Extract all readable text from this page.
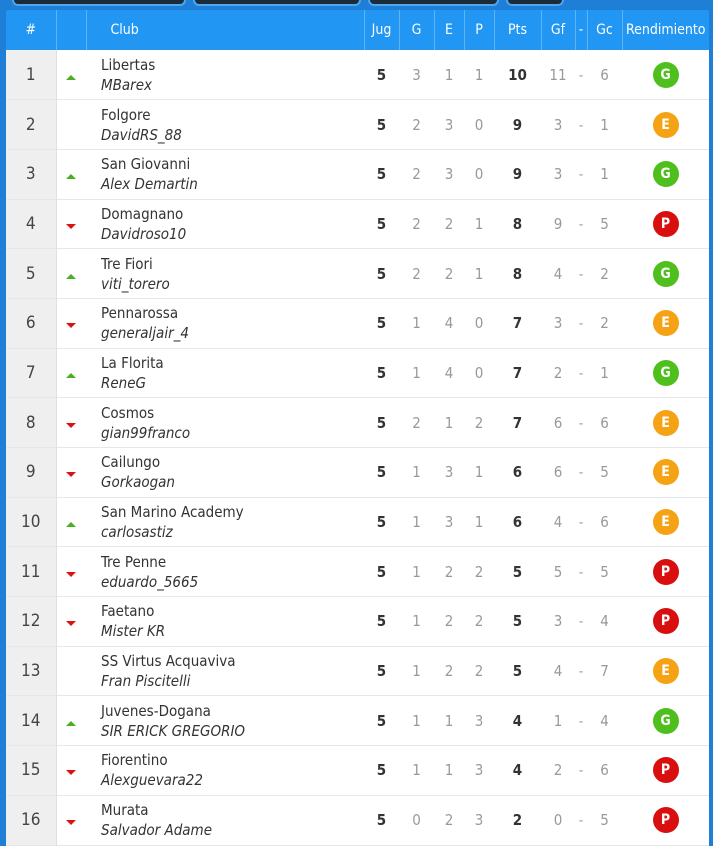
#		Club	Jug	G	E	P	Pts	Gf	-	Gc	Rendimiento
1		Libertas
MBarex	5	3	1	1	10	11	-	6	G
2		Folgore
DavidRS_88	5	2	3	0	9	3	-	1	E
3		San Giovanni
Alex Demartin	5	2	3	0	9	3	-	1	G
4		Domagnano
Davidroso10	5	2	2	1	8	9	-	5	P
5		Tre Fiori
viti_torero	5	2	2	1	8	4	-	2	G
6		Pennarossa
generaljair_4	5	1	4	0	7	3	-	2	E
7		La Florita
ReneG	5	1	4	0	7	2	-	1	G
8		Cosmos
gian99franco	5	2	1	2	7	6	-	6	E
9		Cailungo
Gorkaogan	5	1	3	1	6	6	-	5	E
10		San Marino Academy
carlosastiz	5	1	3	1	6	4	-	6	E
11		Tre Penne
eduardo_5665	5	1	2	2	5	5	-	5	P
12		Faetano
Mister KR	5	1	2	2	5	3	-	4	P
13		SS Virtus Acquaviva
Fran Piscitelli	5	1	2	2	5	4	-	7	E
14		Juvenes-Dogana
SIR ERICK GREGORIO	5	1	1	3	4	1	-	4	G
15		Fiorentino
Alexguevara22	5	1	1	3	4	2	-	6	P
16		Murata
Salvador Adame	5	0	2	3	2	0	-	5	P
